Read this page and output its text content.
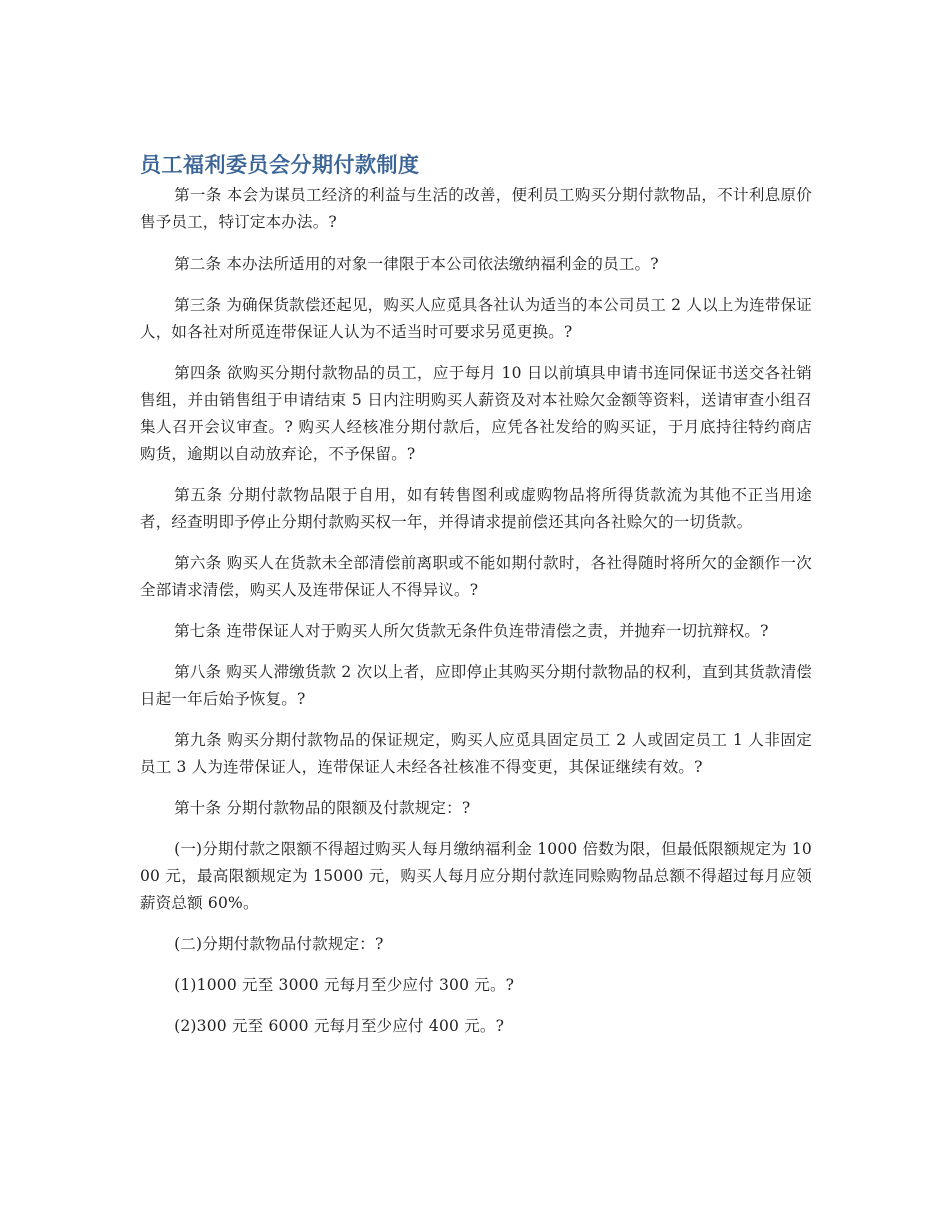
员工福利委员会分期付款制度

第一条 本会为谋员工经济的利益与生活的改善，便利员工购买分期付款物品，不计利息原价售予员工，特订定本办法。?

第二条 本办法所适用的对象一律限于本公司依法缴纳福利金的员工。?

第三条 为确保货款偿还起见，购买人应觅具各社认为适当的本公司员工 2 人以上为连带保证人，如各社对所觅连带保证人认为不适当时可要求另觅更换。?

第四条 欲购买分期付款物品的员工，应于每月 10 日以前填具申请书连同保证书送交各社销售组，并由销售组于申请结束 5 日内注明购买人薪资及对本社赊欠金额等资料，送请审查小组召集人召开会议审查。? 购买人经核准分期付款后，应凭各社发给的购买证，于月底持往特约商店购货，逾期以自动放弃论，不予保留。?

第五条 分期付款物品限于自用，如有转售图利或虚购物品将所得货款流为其他不正当用途者，经查明即予停止分期付款购买权一年，并得请求提前偿还其向各社赊欠的一切货款。

第六条 购买人在货款未全部清偿前离职或不能如期付款时，各社得随时将所欠的金额作一次全部请求清偿，购买人及连带保证人不得异议。?

第七条 连带保证人对于购买人所欠货款无条件负连带清偿之责，并抛弃一切抗辩权。?

第八条 购买人滞缴货款 2 次以上者，应即停止其购买分期付款物品的权利，直到其货款清偿日起一年后始予恢复。?

第九条 购买分期付款物品的保证规定，购买人应觅具固定员工 2 人或固定员工 1 人非固定员工 3 人为连带保证人，连带保证人未经各社核准不得变更，其保证继续有效。?

第十条 分期付款物品的限额及付款规定：?

(一)分期付款之限额不得超过购买人每月缴纳福利金 1000 倍数为限，但最低限额规定为 1000 元，最高限额规定为 15000 元，购买人每月应分期付款连同赊购物品总额不得超过每月应领薪资总额 60%。

(二)分期付款物品付款规定：?

(1)1000 元至 3000 元每月至少应付 300 元。?

(2)300 元至 6000 元每月至少应付 400 元。?
